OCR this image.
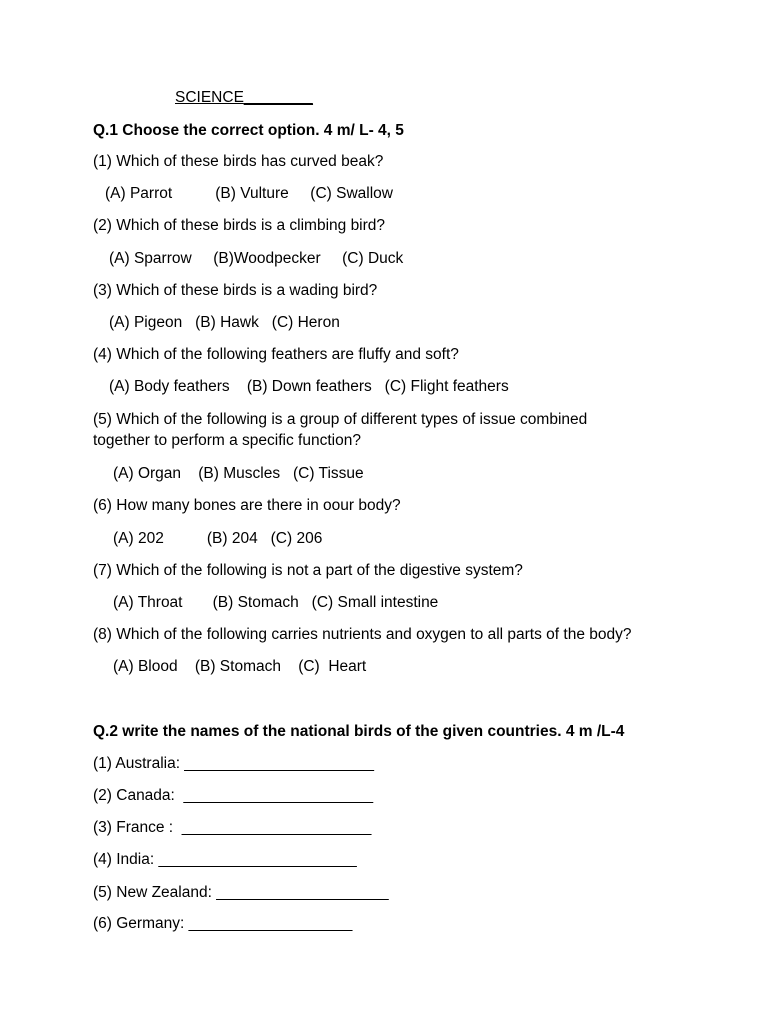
SCIENCE________
Q.1 Choose the correct option. 4 m/ L- 4, 5
(1) Which of these birds has curved beak?
(A) Parrot          (B) Vulture     (C) Swallow
(2) Which of these birds is a climbing bird?
(A) Sparrow     (B)Woodpecker     (C) Duck
(3) Which of these birds is a wading bird?
(A) Pigeon   (B) Hawk   (C) Heron
(4) Which of the following feathers are fluffy and soft?
(A) Body feathers    (B) Down feathers   (C) Flight feathers
(5) Which of the following is a group of different types of issue combined
together to perform a specific function?
(A) Organ    (B) Muscles   (C) Tissue
(6) How many bones are there in oour body?
(A) 202          (B) 204   (C) 206
(7) Which of the following is not a part of the digestive system?
(A) Throat       (B) Stomach   (C) Small intestine
(8) Which of the following carries nutrients and oxygen to all parts of the body?
(A) Blood    (B) Stomach    (C)  Heart
Q.2 write the names of the national birds of the given countries. 4 m /L-4
(1) Australia: ______________________
(2) Canada:  ______________________
(3) France :  ______________________
(4) India: _______________________
(5) New Zealand: ____________________
(6) Germany: ___________________
